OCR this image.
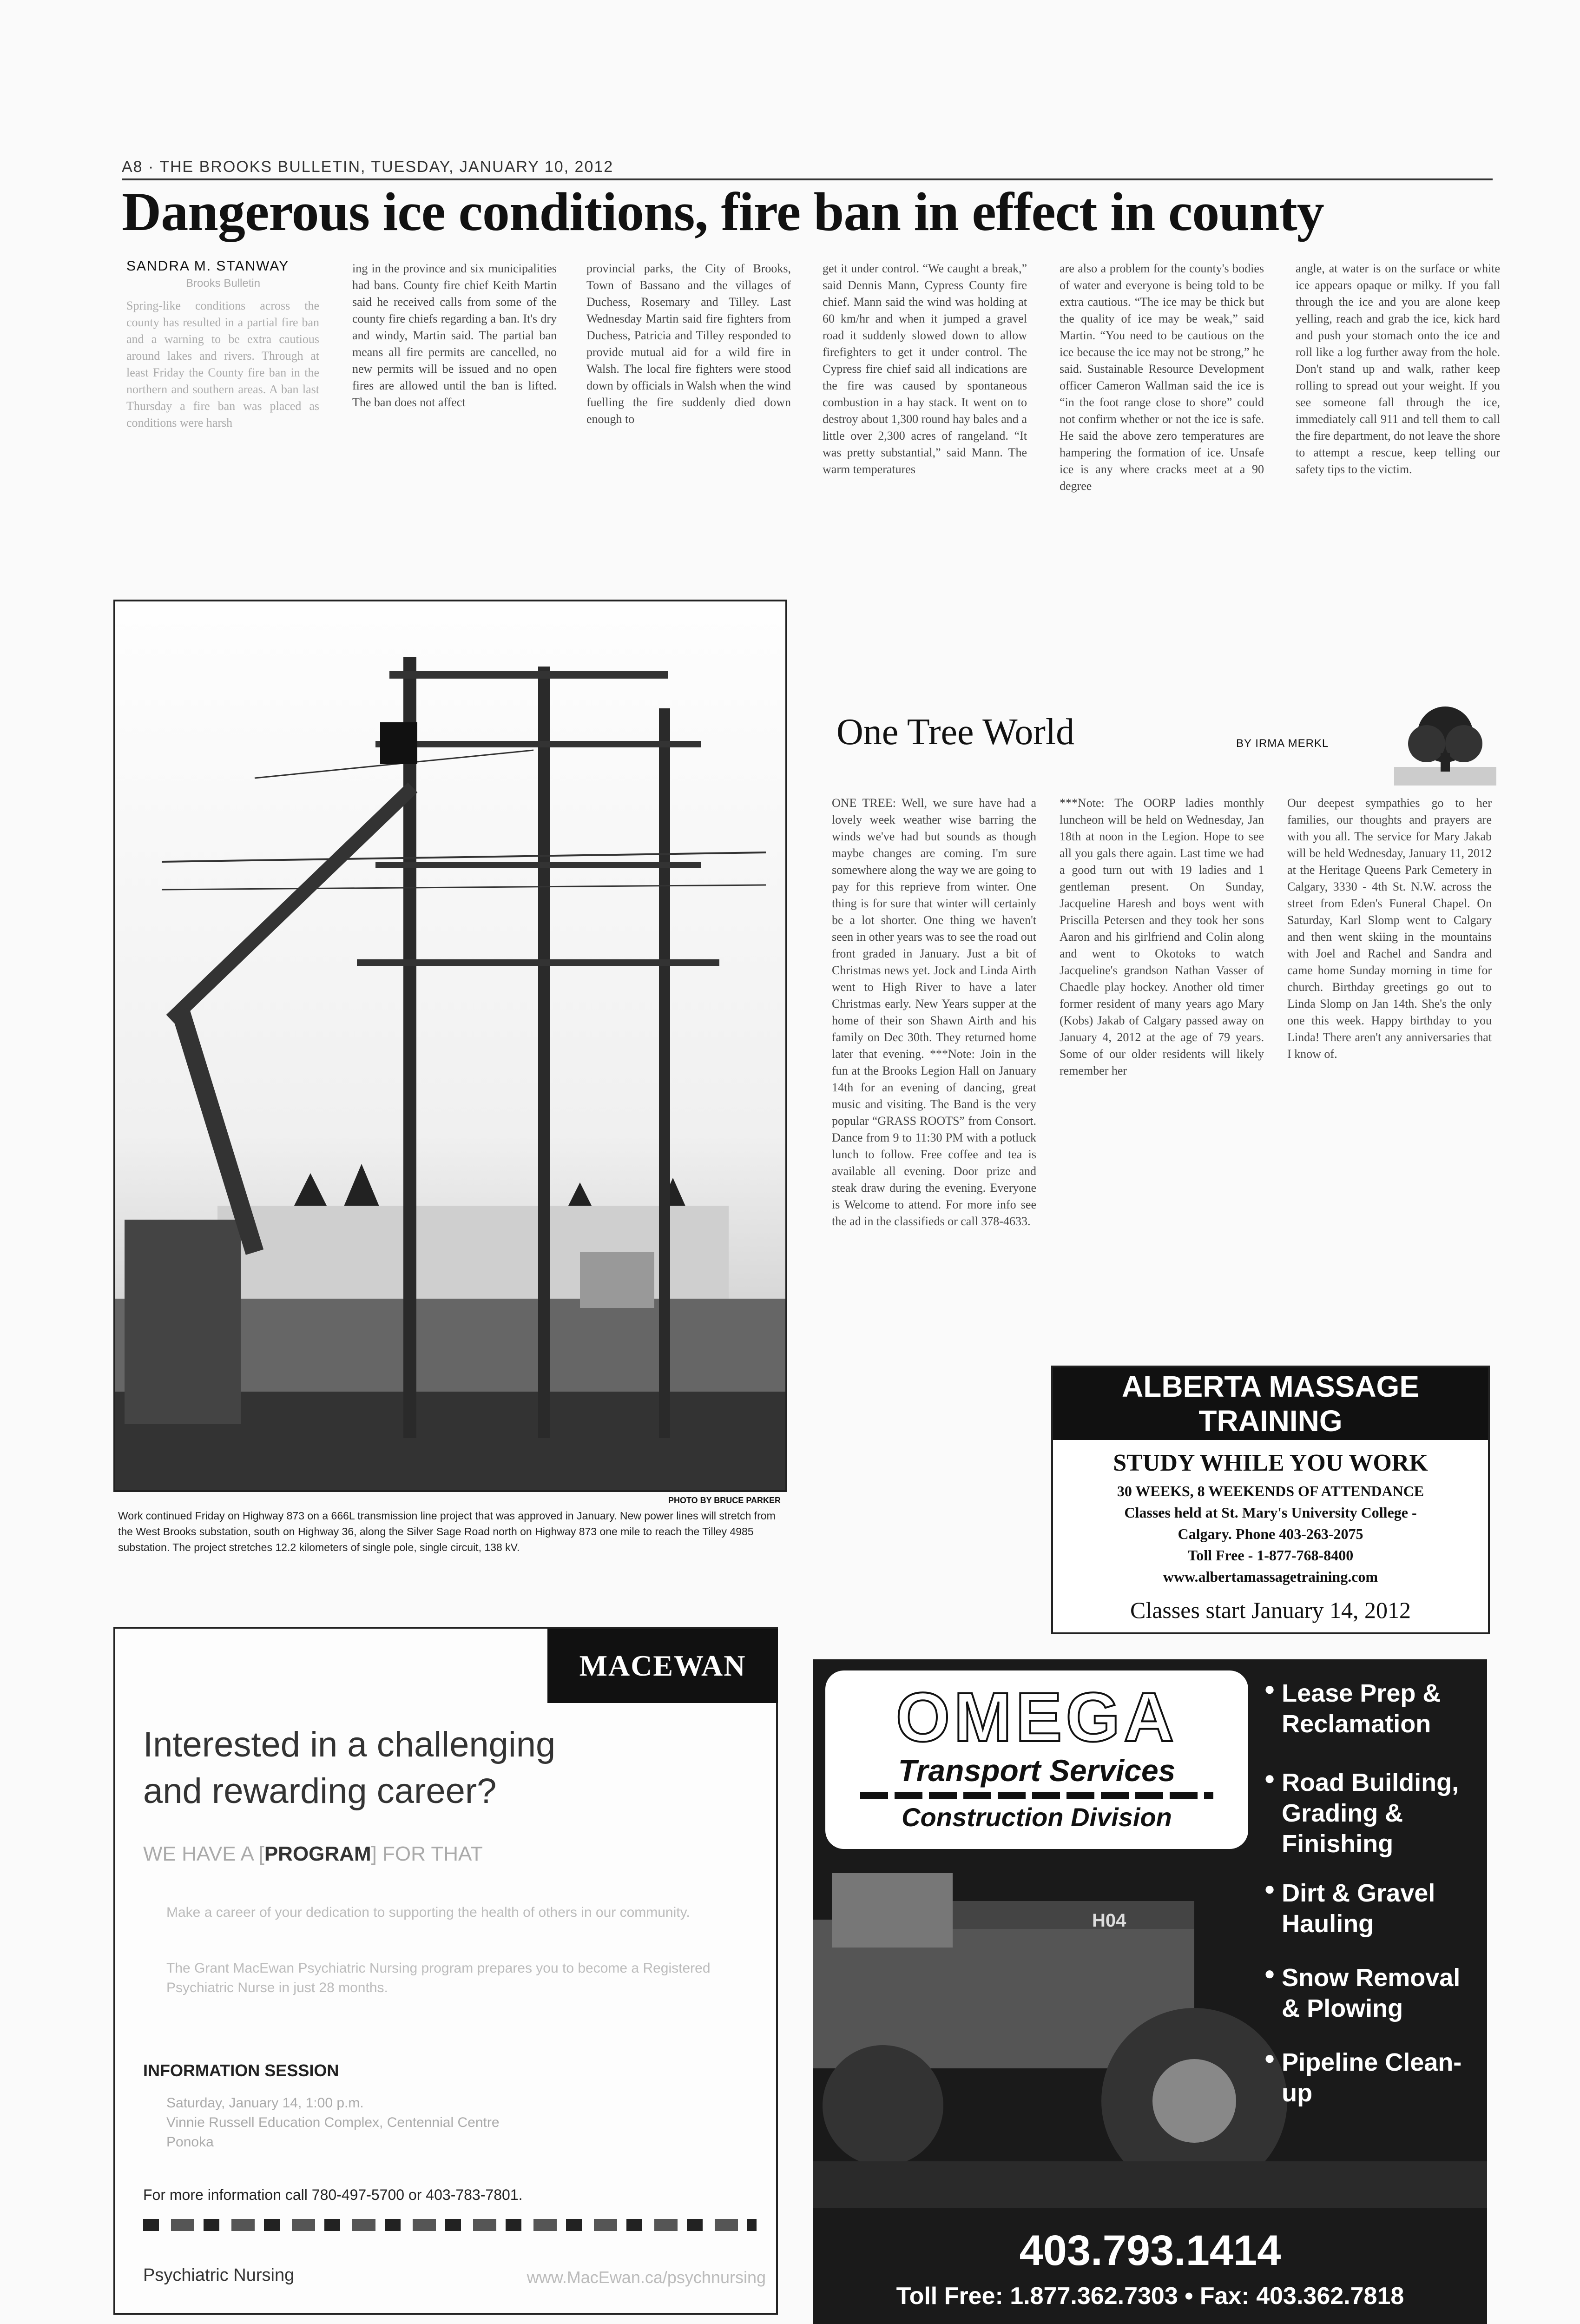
A8 · THE BROOKS BULLETIN, TUESDAY, JANUARY 10, 2012
Dangerous ice conditions, fire ban in effect in county
SANDRA M. STANWAY
Brooks Bulletin

Spring-like conditions across the county has resulted in a partial fire ban and a warning to be extra cautious around lakes and rivers. Through at least Friday the County fire ban in the northern and southern areas. A ban last Thursday a fire ban was placed as conditions were harsh

ing in the province and six municipalities had bans. County fire chief Keith Martin said he received calls from some of the county fire chiefs regarding a ban. It's dry and windy, Martin said. The partial ban means all fire permits are cancelled, no new permits will be issued and no open fires are allowed until the ban is lifted. The ban does not affect

provincial parks, the City of Brooks, Town of Bassano and the villages of Duchess, Rosemary and Tilley. Last Wednesday Martin said fire fighters from Duchess, Patricia and Tilley responded to provide mutual aid for a wild fire in Walsh. The local fire fighters were stood down by officials in Walsh when the wind fuelling the fire suddenly died down enough to

get it under control. “We caught a break,” said Dennis Mann, Cypress County fire chief. Mann said the wind was holding at 60 km/hr and when it jumped a gravel road it suddenly slowed down to allow firefighters to get it under control. The Cypress fire chief said all indications are the fire was caused by spontaneous combustion in a hay stack. It went on to destroy about 1,300 round hay bales and a little over 2,300 acres of rangeland. “It was pretty substantial,” said Mann. The warm temperatures

are also a problem for the county's bodies of water and everyone is being told to be extra cautious. “The ice may be thick but the quality of ice may be weak,” said Martin. “You need to be cautious on the ice because the ice may not be strong,” he said. Sustainable Resource Development officer Cameron Wallman said the ice is “in the foot range close to shore” could not confirm whether or not the ice is safe. He said the above zero temperatures are hampering the formation of ice. Unsafe ice is any where cracks meet at a 90 degree

angle, at water is on the surface or white ice appears opaque or milky. If you fall through the ice and you are alone keep yelling, reach and grab the ice, kick hard and push your stomach onto the ice and roll like a log further away from the hole. Don't stand up and walk, rather keep rolling to spread out your weight. If you see someone fall through the ice, immediately call 911 and tell them to call the fire department, do not leave the shore to attempt a rescue, keep telling our safety tips to the victim.

PHOTO BY BRUCE PARKER
Work continued Friday on Highway 873 on a 666L transmission line project that was approved in January. New power lines will stretch from the West Brooks substation, south on Highway 36, along the Silver Sage Road north on Highway 873 one mile to reach the Tilley 4985 substation. The project stretches 12.2 kilometers of single pole, single circuit, 138 kV.
One Tree World	BY IRMA MERKL

ONE TREE: Well, we sure have had a lovely week weather wise barring the winds we've had but sounds as though maybe changes are coming. I'm sure somewhere along the way we are going to pay for this reprieve from winter. One thing is for sure that winter will certainly be a lot shorter. One thing we haven't seen in other years was to see the road out front graded in January. Just a bit of Christmas news yet. Jock and Linda Airth went to High River to have a later Christmas early. New Years supper at the home of their son Shawn Airth and his family on Dec 30th. They returned home later that evening. ***Note: Join in the fun at the Brooks Legion Hall on January 14th for an evening of dancing, great music and visiting. The Band is the very popular “GRASS ROOTS” from Consort. Dance from 9 to 11:30 PM with a potluck lunch to follow. Free coffee and tea is available all evening. Door prize and steak draw during the evening. Everyone is Welcome to attend. For more info see the ad in the classifieds or call 378-4633.

***Note: The OORP ladies monthly luncheon will be held on Wednesday, Jan 18th at noon in the Legion. Hope to see all you gals there again. Last time we had a good turn out with 19 ladies and 1 gentleman present. On Sunday, Jacqueline Haresh and boys went with Priscilla Petersen and they took her sons Aaron and his girlfriend and Colin along and went to Okotoks to watch Jacqueline's grandson Nathan Vasser of Chaedle play hockey. Another old timer former resident of many years ago Mary (Kobs) Jakab of Calgary passed away on January 4, 2012 at the age of 79 years. Some of our older residents will likely remember her

Our deepest sympathies go to her families, our thoughts and prayers are with you all. The service for Mary Jakab will be held Wednesday, January 11, 2012 at the Heritage Queens Park Cemetery in Calgary, 3330 - 4th St. N.W. across the street from Eden's Funeral Chapel. On Saturday, Karl Slomp went to Calgary and then went skiing in the mountains with Joel and Rachel and Sandra and came home Sunday morning in time for church. Birthday greetings go out to Linda Slomp on Jan 14th. She's the only one this week. Happy birthday to you Linda! There aren't any anniversaries that I know of.

ALBERTA MASSAGE
TRAINING
STUDY WHILE YOU WORK
30 WEEKS, 8 WEEKENDS OF ATTENDANCE
Classes held at St. Mary's University College -
Calgary. Phone 403-263-2075
Toll Free - 1-877-768-8400
www.albertamassagetraining.com
Classes start January 14, 2012
MACEWAN
Interested in a challenging
and rewarding career?
WE HAVE A [PROGRAM] FOR THAT
Make a career of your dedication to supporting the health of others in our community.
The Grant MacEwan Psychiatric Nursing program prepares you to become a Registered Psychiatric Nurse in just 28 months.
INFORMATION SESSION
Saturday, January 14, 1:00 p.m.
Vinnie Russell Education Complex, Centennial Centre
Ponoka
For more information call 780-497-5700 or 403-783-7801.
Psychiatric Nursing	www.MacEwan.ca/psychnursing
OMEGA
Transport Services
Construction Division
● Lease Prep & Reclamation
● Road Building, Grading & Finishing
● Dirt & Gravel Hauling
● Snow Removal & Plowing
● Pipeline Clean-up
H04
403.793.1414
Toll Free: 1.877.362.7303 • Fax: 403.362.7818
